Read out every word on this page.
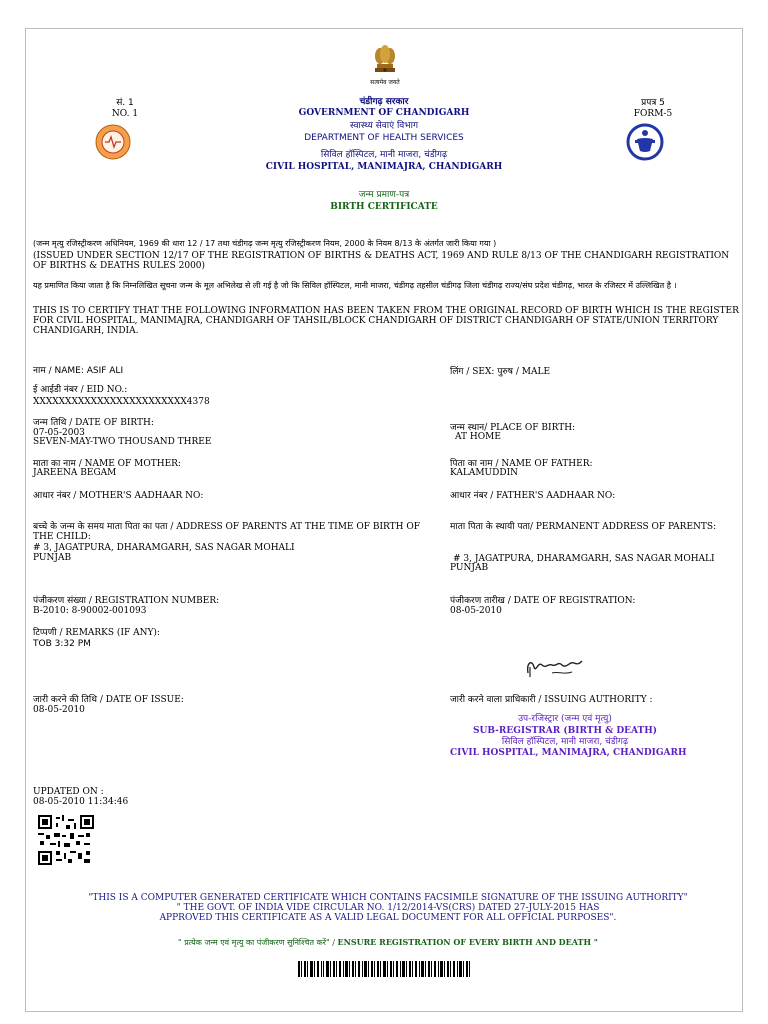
सत्यमेव जयते
सं. 1
NO. 1
प्रपत्र 5
FORM-5
चंडीगढ़ सरकार
GOVERNMENT OF CHANDIGARH
स्वास्थ्य सेवाएं विभाग
DEPARTMENT OF HEALTH SERVICES
सिविल हॉस्पिटल, मानी माजरा, चंडीगढ़
CIVIL HOSPITAL, MANIMAJRA, CHANDIGARH
जन्म प्रमाण-पत्र
BIRTH CERTIFICATE
(जन्म मृत्यु रजिस्ट्रीकरण अधिनियम, 1969 की धारा 12 / 17 तथा चंडीगढ़ जन्म मृत्यु रजिस्ट्रीकरण नियम, 2000 के नियम 8/13 के अंतर्गत जारी किया गया )
(ISSUED UNDER SECTION 12/17 OF THE REGISTRATION OF BIRTHS & DEATHS ACT, 1969 AND RULE 8/13 OF THE CHANDIGARH REGISTRATION OF BIRTHS & DEATHS RULES 2000)
यह प्रमाणित किया जाता है कि निम्नलिखित सूचना जन्म के मूल अभिलेख से ली गई है जो कि सिविल हॉस्पिटल, मानी माजरा, चंडीगढ़ तहसील चंडीगढ़ जिला चंडीगढ़ राज्य/संघ प्रदेश चंडीगढ़, भारत के रजिस्टर में उल्लिखित है ।
THIS IS TO CERTIFY THAT THE FOLLOWING INFORMATION HAS BEEN TAKEN FROM THE ORIGINAL RECORD OF BIRTH WHICH IS THE REGISTER FOR CIVIL HOSPITAL, MANIMAJRA, CHANDIGARH OF TAHSIL/BLOCK CHANDIGARH OF DISTRICT CHANDIGARH OF STATE/UNION TERRITORY CHANDIGARH, INDIA.
नाम / NAME: ASIF ALI	लिंग / SEX: पुरुष / MALE
ई आईडी नंबर / EID NO.:
XXXXXXXXXXXXXXXXXXXXXXXX4378
जन्म तिथि / DATE OF BIRTH:
07-05-2003
SEVEN-MAY-TWO THOUSAND THREE
जन्म स्थान/ PLACE OF BIRTH:
AT HOME
माता का नाम / NAME OF MOTHER:
JAREENA BEGAM
पिता का नाम / NAME OF FATHER:
KALAMUDDIN
आधार नंबर / MOTHER'S AADHAAR NO:	आधार नंबर / FATHER'S AADHAAR NO:
बच्चे के जन्म के समय माता पिता का पता / ADDRESS OF PARENTS AT THE TIME OF BIRTH OF THE CHILD:
# 3, JAGATPURA, DHARAMGARH, SAS NAGAR MOHALI
PUNJAB
माता पिता के स्थायी पता/ PERMANENT ADDRESS OF PARENTS:
# 3, JAGATPURA, DHARAMGARH, SAS NAGAR MOHALI
PUNJAB
पंजीकरण संख्या / REGISTRATION NUMBER:
B-2010: 8-90002-001093
पंजीकरण तारीख / DATE OF REGISTRATION:
08-05-2010
टिप्पणी / REMARKS (IF ANY):
TOB 3:32 PM
जारी करने की तिथि / DATE OF ISSUE:
08-05-2010
जारी करने वाला प्राधिकारी / ISSUING AUTHORITY :
उप-रजिस्ट्रार (जन्म एवं मृत्यु)
SUB-REGISTRAR (BIRTH & DEATH)
सिविल हॉस्पिटल, मानी माजरा, चंडीगढ़
CIVIL HOSPITAL, MANIMAJRA, CHANDIGARH
UPDATED ON :
08-05-2010 11:34:46
"THIS IS A COMPUTER GENERATED CERTIFICATE WHICH CONTAINS FACSIMILE SIGNATURE OF THE ISSUING AUTHORITY"
" THE GOVT. OF INDIA VIDE CIRCULAR NO. 1/12/2014-VS(CRS) DATED 27-JULY-2015 HAS
APPROVED THIS CERTIFICATE AS A VALID LEGAL DOCUMENT FOR ALL OFFICIAL PURPOSES".
" प्रत्येक जन्म एवं मृत्यु का पंजीकरण सुनिश्चित करें" / ENSURE REGISTRATION OF EVERY BIRTH AND DEATH "
